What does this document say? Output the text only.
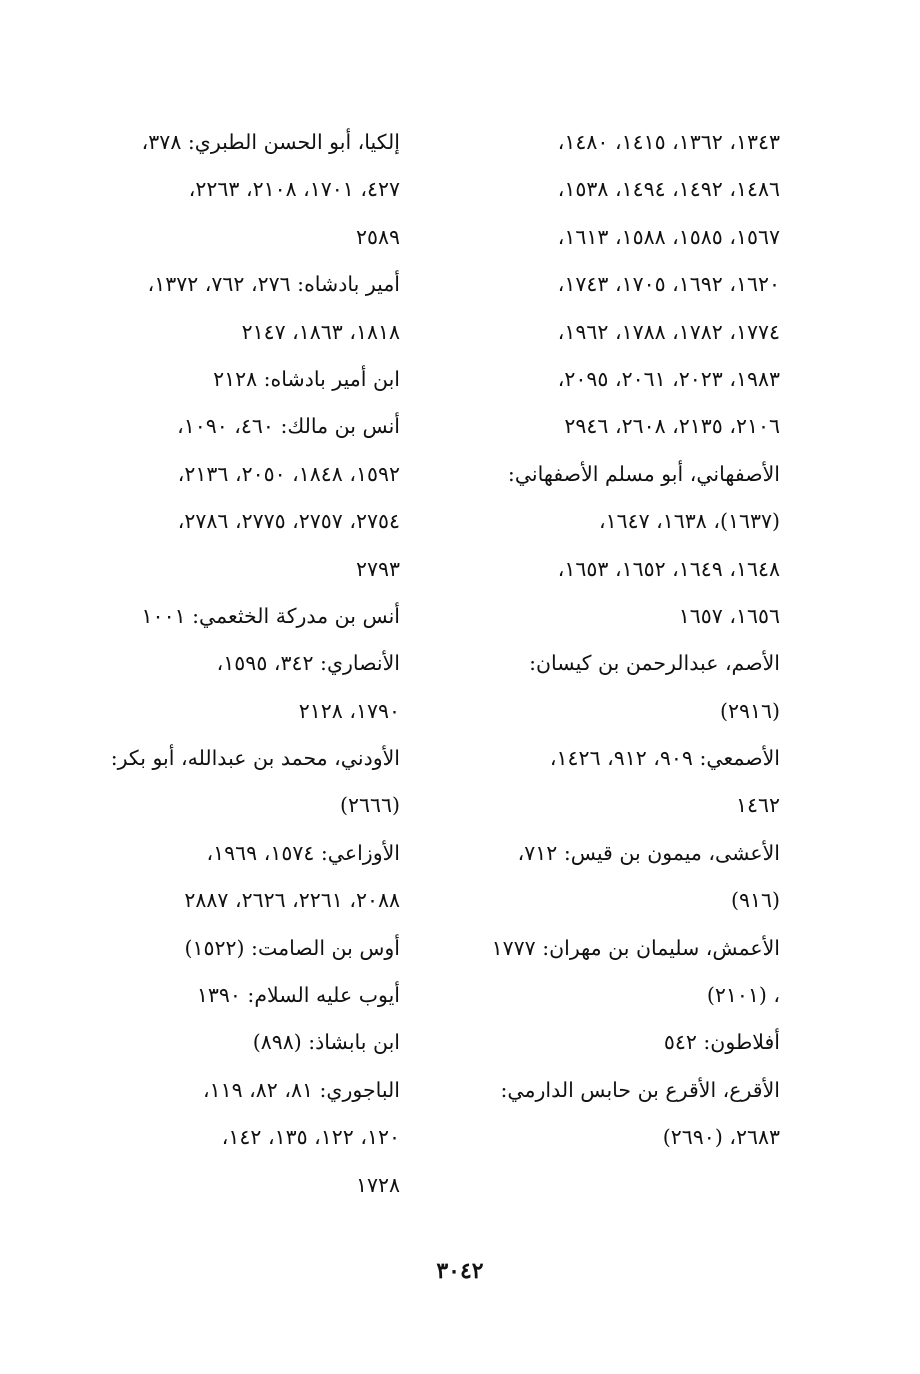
١٣٤٣، ١٣٦٢، ١٤١٥، ١٤٨٠،
١٤٨٦، ١٤٩٢، ١٤٩٤، ١٥٣٨،
١٥٦٧، ١٥٨٥، ١٥٨٨، ١٦١٣،
١٦٢٠، ١٦٩٢، ١٧٠٥، ١٧٤٣،
١٧٧٤، ١٧٨٢، ١٧٨٨، ١٩٦٢،
١٩٨٣، ٢٠٢٣، ٢٠٦١، ٢٠٩٥،
٢١٠٦، ٢١٣٥، ٢٦٠٨، ٢٩٤٦
الأصفهاني، أبو مسلم الأصفهاني:
(١٦٣٧)، ١٦٣٨، ١٦٤٧،
١٦٤٨، ١٦٤٩، ١٦٥٢، ١٦٥٣،
١٦٥٦، ١٦٥٧
الأصم، عبدالرحمن بن كيسان:
(٢٩١٦)
الأصمعي: ٩٠٩، ٩١٢، ١٤٢٦،
١٤٦٢
الأعشى، ميمون بن قيس: ٧١٢،
(٩١٦)
الأعمش، سليمان بن مهران: ١٧٧٧
، (٢١٠١)
أفلاطون: ٥٤٢
الأقرع، الأقرع بن حابس الدارمي:
٢٦٨٣، (٢٦٩٠)
إلكيا، أبو الحسن الطبري: ٣٧٨،
٤٢٧، ١٧٠١، ٢١٠٨، ٢٢٦٣،
٢٥٨٩
أمير بادشاه: ٢٧٦، ٧٦٢، ١٣٧٢،
١٨١٨، ١٨٦٣، ٢١٤٧
ابن أمير بادشاه: ٢١٢٨
أنس بن مالك: ٤٦٠، ١٠٩٠،
١٥٩٢، ١٨٤٨، ٢٠٥٠، ٢١٣٦،
٢٧٥٤، ٢٧٥٧، ٢٧٧٥، ٢٧٨٦،
٢٧٩٣
أنس بن مدركة الخثعمي: ١٠٠١
الأنصاري: ٣٤٢، ١٥٩٥،
١٧٩٠، ٢١٢٨
الأودني، محمد بن عبدالله، أبو بكر:
(٢٦٦٦)
الأوزاعي: ١٥٧٤، ١٩٦٩،
٢٠٨٨، ٢٢٦١، ٢٦٢٦، ٢٨٨٧
أوس بن الصامت: (١٥٢٢)
أيوب عليه السلام: ١٣٩٠
ابن بابشاذ: (٨٩٨)
الباجوري: ٨١، ٨٢، ١١٩،
١٢٠، ١٢٢، ١٣٥، ١٤٢،
١٧٢٨
٣٠٤٢
